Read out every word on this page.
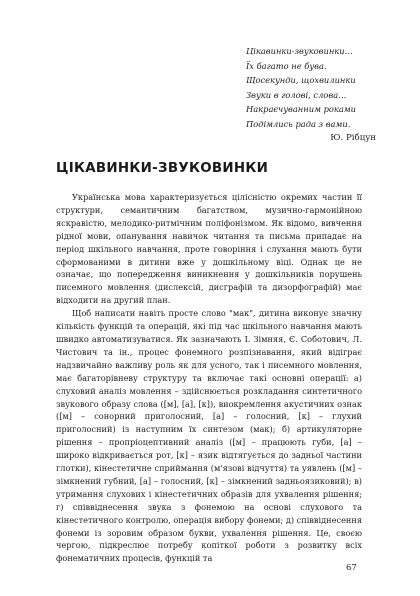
Цікавинки-звуковинки…
Їх багато не бува.
Щосекунди, щохвилинки
Звуки в голові, слова…
Накраєчуванним роками
Подімлись рада з вами.
Ю. Рібцун
ЦІКАВИНКИ-ЗВУКОВИНКИ

Українська мова характеризується цілісністю окремих частин її структури, семантичним багатством, музично-гармонійною яскравістю, мелодико-ритмічним поліфонізмом. Як відомо, вивчення рідної мови, опанування навичок читання та письма припадає на період шкільного навчання, проте говоріння і слухання мають бути сформованими в дитини вже у дошкільному віці. Однак це не означає, що попередження виникнення у дошкільників порушень писемного мовлення (дислексій, дисграфій та дизорфографій) має відходити на другий план.

Щоб написати навіть просте слово "мак", дитина виконує значну кількість функцій та операцій, які під час шкільного навчання мають швидко автоматизуватися. Як зазначають І. Зімняя, Є. Соботович, Л. Чистович та ін., процес фонемного розпізнавання, який відіграє надзвичайно важливу роль як для усного, так і писемного мовлення, має багаторівневу структуру та включає такі основні операції: а) слуховий аналіз мовлення – здійснюється розкладання синтетичного звукового образу слова ([м], [а], [к]), виокремлення акустичних ознак ([м] – сонорний приголосний, [а] – голосний, [к] – глухий приголосний) із наступним їх синтезом (мак); б) артикуляторне рішення – пропріоцептивний аналіз ([м] – працюють губи, [а] – широко відкривається рот, [к] – язик відтягується до задньої частини глотки), кінестетичне сприймання (м'язові відчуття) та уявлень ([м] – зімкнений губний, [а] – голосний, [к] – зімкнений задньоязиковий); в) утримання слухових і кінестетичних образів для ухвалення рішення; г) співвіднесення звука з фонемою на основі слухового та кінестетичного контролю, операція вибору фонеми; д) співвіднесення фонеми із зоровим образом букви, ухвалення рішення. Це, своєю чергою, підкреслює потребу копіткої роботи з розвитку всіх фонематичних процесів, функцій та

67
